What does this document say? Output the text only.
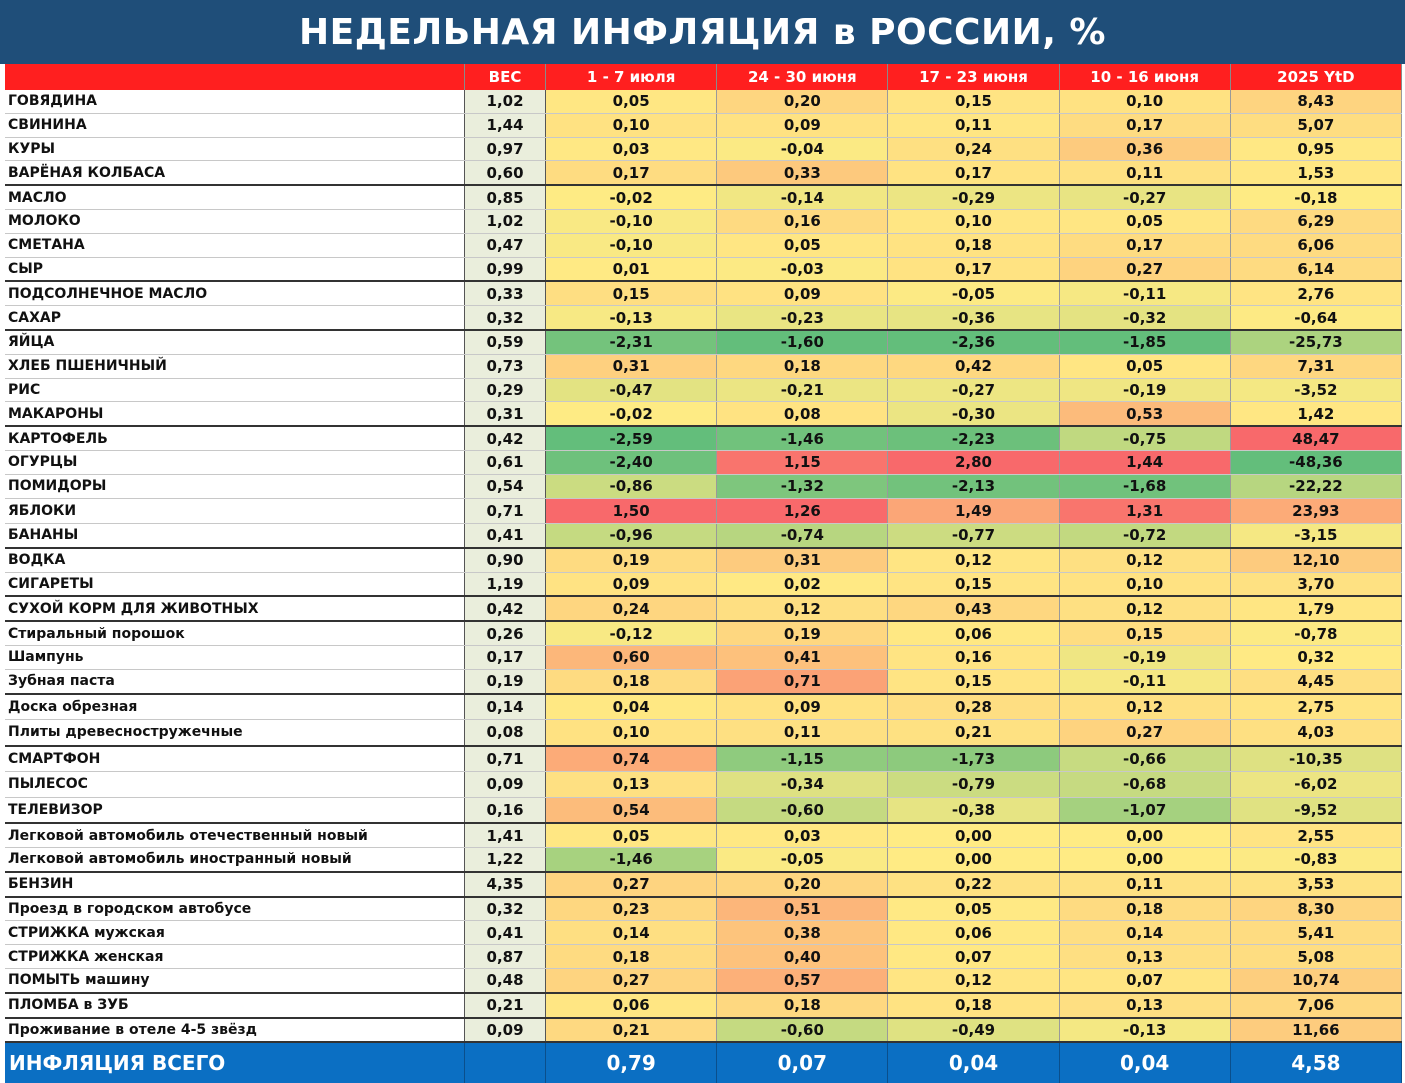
НЕДЕЛЬНАЯ ИНФЛЯЦИЯ в РОССИИ, %
	ВЕС	1 - 7 июля	24 - 30 июня	17 - 23 июня	10 - 16 июня	2025 YtD
ГОВЯДИНА	1,02	0,05	0,20	0,15	0,10	8,43
СВИНИНА	1,44	0,10	0,09	0,11	0,17	5,07
КУРЫ	0,97	0,03	-0,04	0,24	0,36	0,95
ВАРЁНАЯ КОЛБАСА	0,60	0,17	0,33	0,17	0,11	1,53
МАСЛО	0,85	-0,02	-0,14	-0,29	-0,27	-0,18
МОЛОКО	1,02	-0,10	0,16	0,10	0,05	6,29
СМЕТАНА	0,47	-0,10	0,05	0,18	0,17	6,06
СЫР	0,99	0,01	-0,03	0,17	0,27	6,14
ПОДСОЛНЕЧНОЕ МАСЛО	0,33	0,15	0,09	-0,05	-0,11	2,76
САХАР	0,32	-0,13	-0,23	-0,36	-0,32	-0,64
ЯЙЦА	0,59	-2,31	-1,60	-2,36	-1,85	-25,73
ХЛЕБ ПШЕНИЧНЫЙ	0,73	0,31	0,18	0,42	0,05	7,31
РИС	0,29	-0,47	-0,21	-0,27	-0,19	-3,52
МАКАРОНЫ	0,31	-0,02	0,08	-0,30	0,53	1,42
КАРТОФЕЛЬ	0,42	-2,59	-1,46	-2,23	-0,75	48,47
ОГУРЦЫ	0,61	-2,40	1,15	2,80	1,44	-48,36
ПОМИДОРЫ	0,54	-0,86	-1,32	-2,13	-1,68	-22,22
ЯБЛОКИ	0,71	1,50	1,26	1,49	1,31	23,93
БАНАНЫ	0,41	-0,96	-0,74	-0,77	-0,72	-3,15
ВОДКА	0,90	0,19	0,31	0,12	0,12	12,10
СИГАРЕТЫ	1,19	0,09	0,02	0,15	0,10	3,70
СУХОЙ КОРМ ДЛЯ ЖИВОТНЫХ	0,42	0,24	0,12	0,43	0,12	1,79
Стиральный порошок	0,26	-0,12	0,19	0,06	0,15	-0,78
Шампунь	0,17	0,60	0,41	0,16	-0,19	0,32
Зубная паста	0,19	0,18	0,71	0,15	-0,11	4,45
Доска обрезная	0,14	0,04	0,09	0,28	0,12	2,75
Плиты древесностружечные	0,08	0,10	0,11	0,21	0,27	4,03
СМАРТФОН	0,71	0,74	-1,15	-1,73	-0,66	-10,35
ПЫЛЕСОС	0,09	0,13	-0,34	-0,79	-0,68	-6,02
ТЕЛЕВИЗОР	0,16	0,54	-0,60	-0,38	-1,07	-9,52
Легковой автомобиль отечественный новый	1,41	0,05	0,03	0,00	0,00	2,55
Легковой автомобиль иностранный новый	1,22	-1,46	-0,05	0,00	0,00	-0,83
БЕНЗИН	4,35	0,27	0,20	0,22	0,11	3,53
Проезд в городском автобусе	0,32	0,23	0,51	0,05	0,18	8,30
СТРИЖКА мужская	0,41	0,14	0,38	0,06	0,14	5,41
СТРИЖКА женская	0,87	0,18	0,40	0,07	0,13	5,08
ПОМЫТЬ машину	0,48	0,27	0,57	0,12	0,07	10,74
ПЛОМБА в ЗУБ	0,21	0,06	0,18	0,18	0,13	7,06
Проживание в отеле 4-5 звёзд	0,09	0,21	-0,60	-0,49	-0,13	11,66
ИНФЛЯЦИЯ ВСЕГО		0,79	0,07	0,04	0,04	4,58
